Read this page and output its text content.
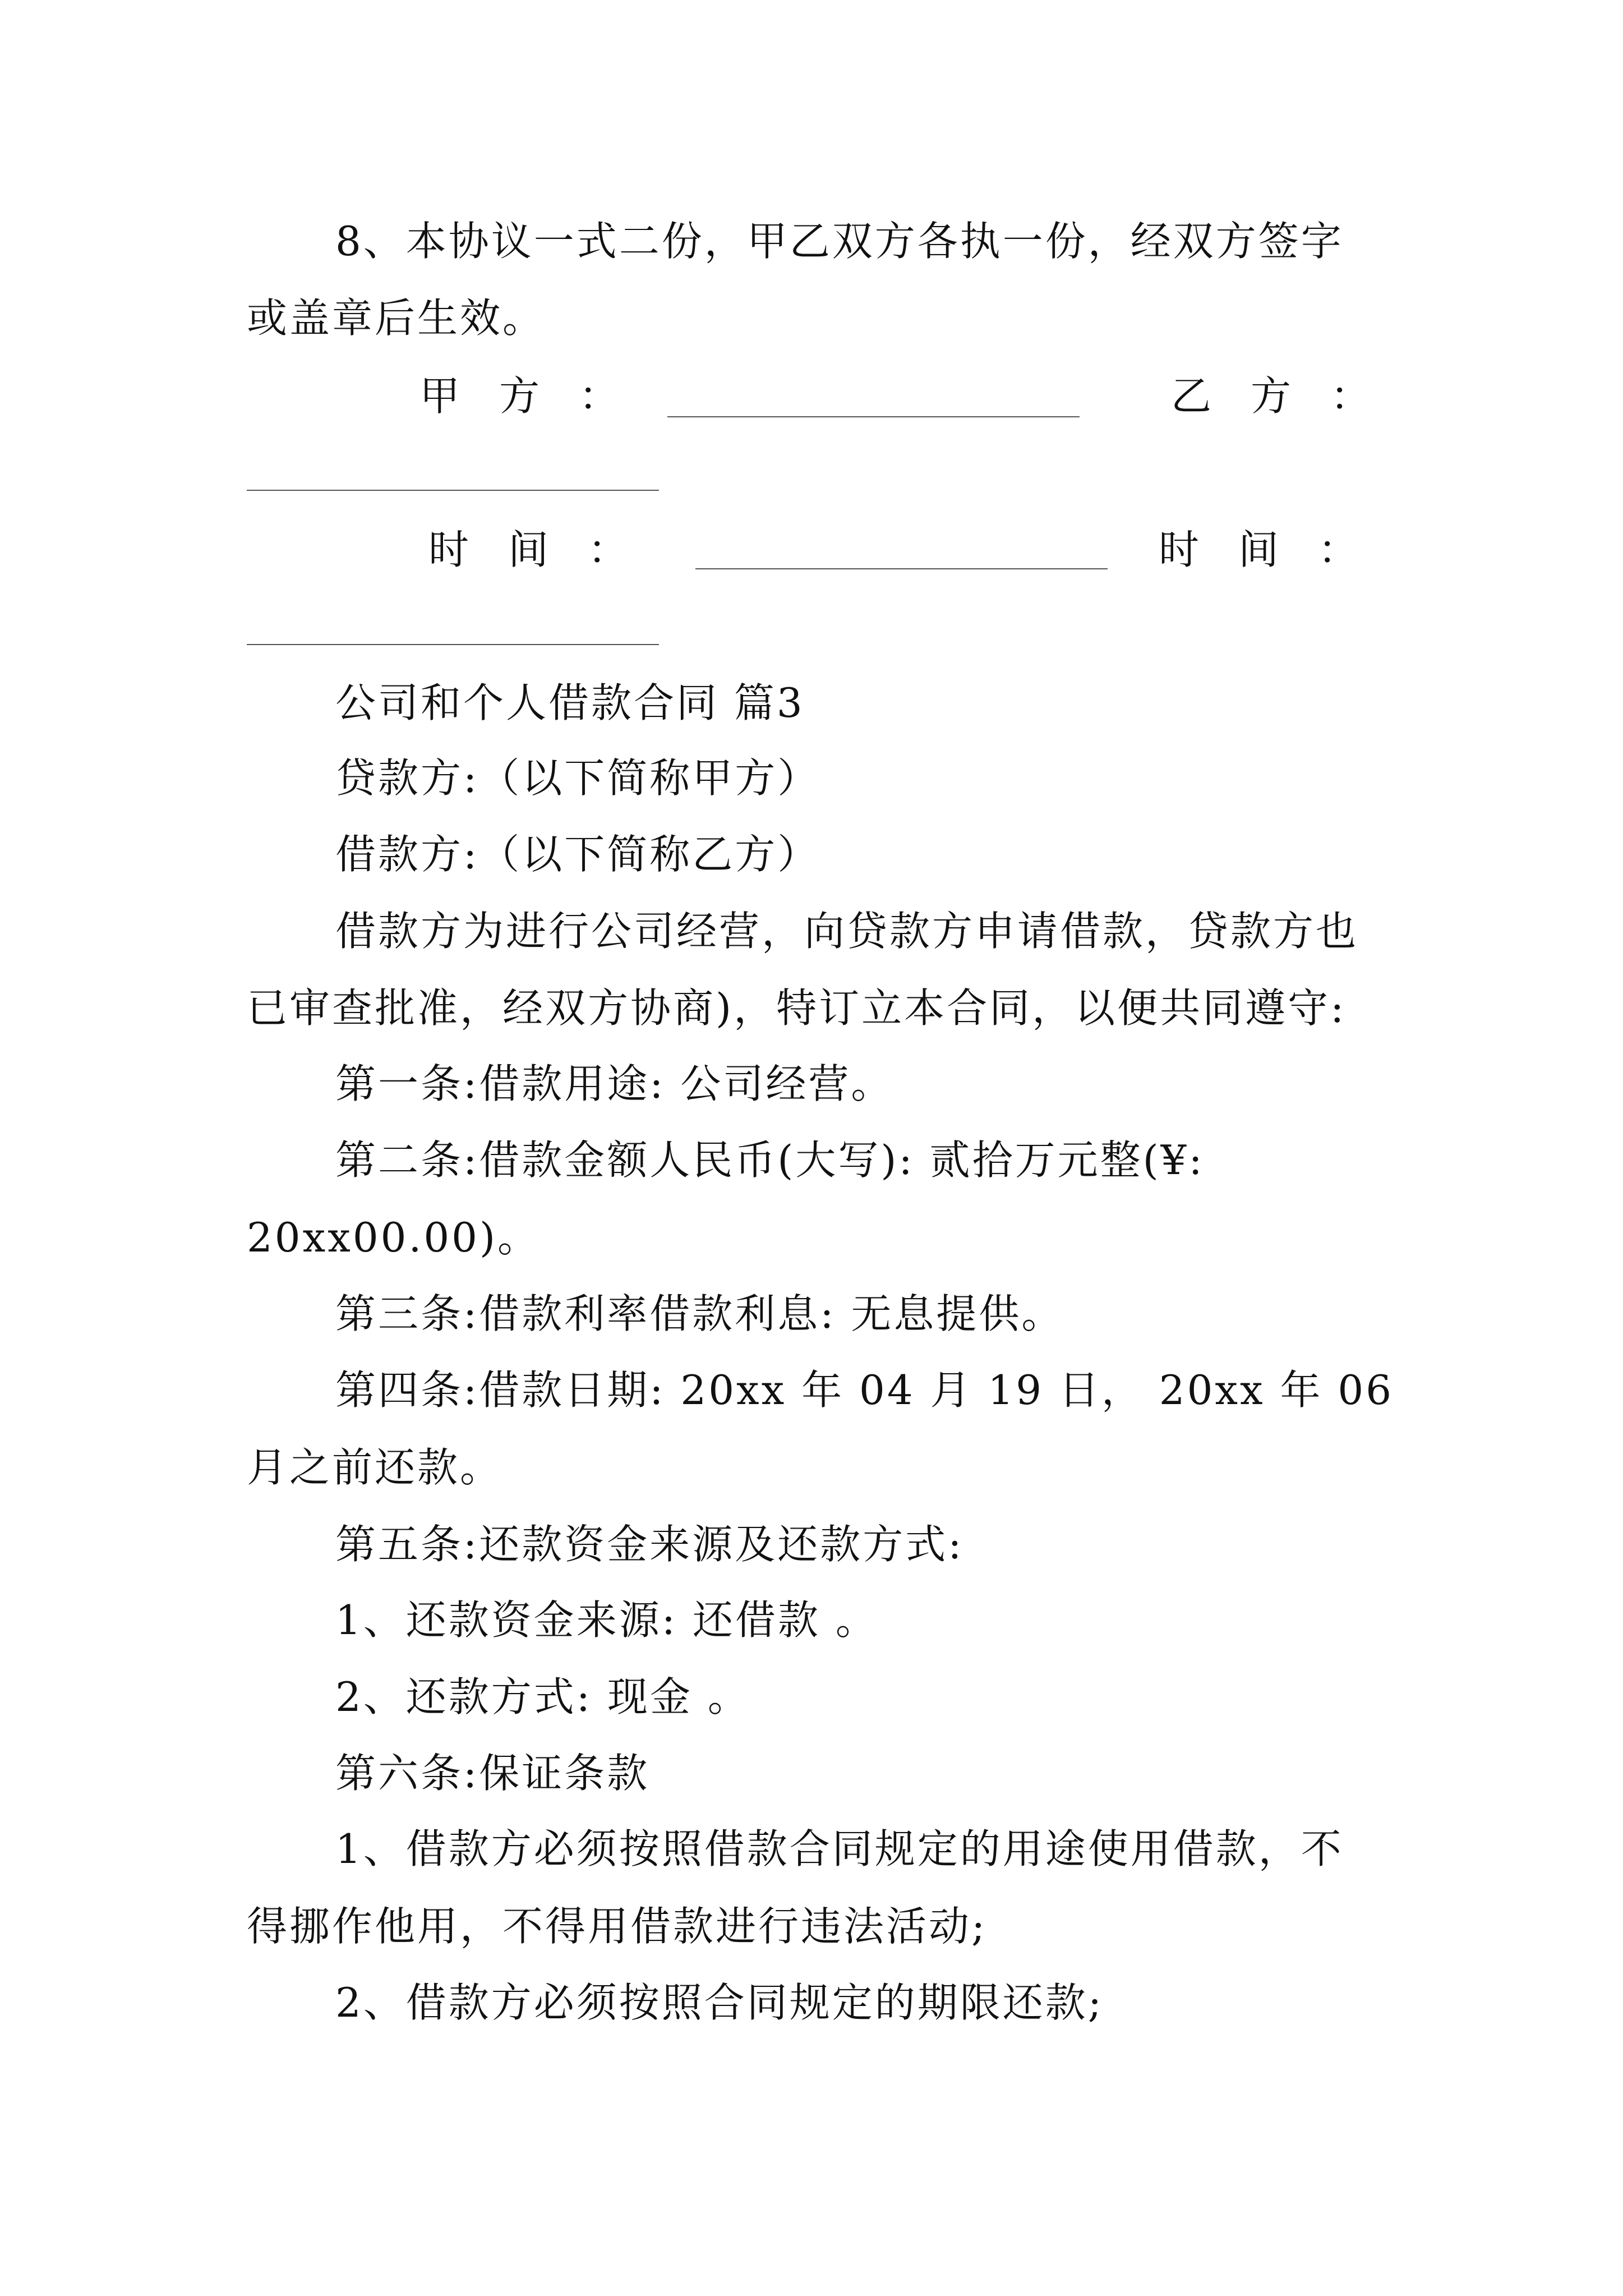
8、本协议一式二份，甲乙双方各执一份，经双方签字
或盖章后生效。
甲方：	乙方：
时间：	时间：
公司和个人借款合同 篇3
贷款方:（以下简称甲方）
借款方:（以下简称乙方）
借款方为进行公司经营，向贷款方申请借款，贷款方也
已审查批准，经双方协商)，特订立本合同，以便共同遵守:
第一条:借款用途: 公司经营。
第二条:借款金额人民币(大写): 贰拾万元整(¥:
20xx00.00)。
第三条:借款利率借款利息: 无息提供。
第四条:借款日期: 20xx 年 04 月 19 日， 20xx 年 06
月之前还款。
第五条:还款资金来源及还款方式:
1、还款资金来源: 还借款 。
2、还款方式: 现金 。
第六条:保证条款
1、借款方必须按照借款合同规定的用途使用借款，不
得挪作他用，不得用借款进行违法活动;
2、借款方必须按照合同规定的期限还款;
